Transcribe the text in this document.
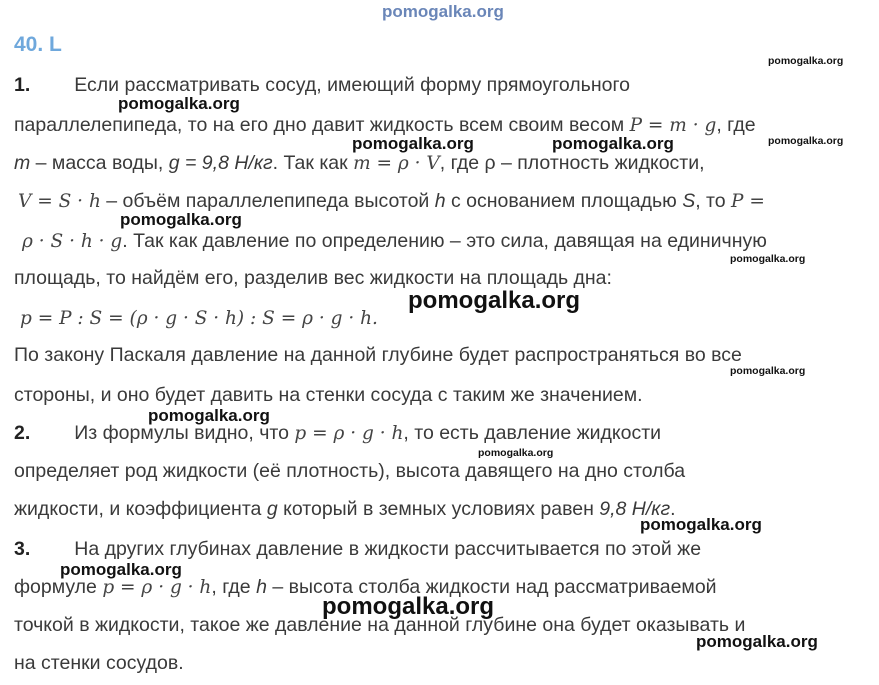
pomogalka.org
40. L
1. Если рассматривать сосуд, имеющий форму прямоугольного
параллелепипеда, то на его дно давит жидкость всем своим весом P = m · g, где
m – масса воды, g = 9,8 Н/кг. Так как m = ρ · V, где ρ – плотность жидкости,
V = S · h – объём параллелепипеда высотой h с основанием площадью S, то P =
ρ · S · h · g. Так как давление по определению – это сила, давящая на единичную
площадь, то найдём его, разделив вес жидкости на площадь дна:
p = P : S = (ρ · g · S · h) : S = ρ · g · h.
По закону Паскаля давление на данной глубине будет распространяться во все
стороны, и оно будет давить на стенки сосуда с таким же значением.
2. Из формулы видно, что p = ρ · g · h, то есть давление жидкости
определяет род жидкости (её плотность), высота давящего на дно столба
жидкости, и коэффициента g который в земных условиях равен 9,8 Н/кг.
3. На других глубинах давление в жидкости рассчитывается по этой же
формуле p = ρ · g · h, где h – высота столба жидкости над рассматриваемой
точкой в жидкости, такое же давление на данной глубине она будет оказывать и
на стенки сосудов.
pomogalka.org
pomogalka.org
pomogalka.org	pomogalka.org	pomogalka.org
pomogalka.org
pomogalka.org
pomogalka.org
pomogalka.org
pomogalka.org
pomogalka.org
pomogalka.org
pomogalka.org
pomogalka.org
pomogalka.org
